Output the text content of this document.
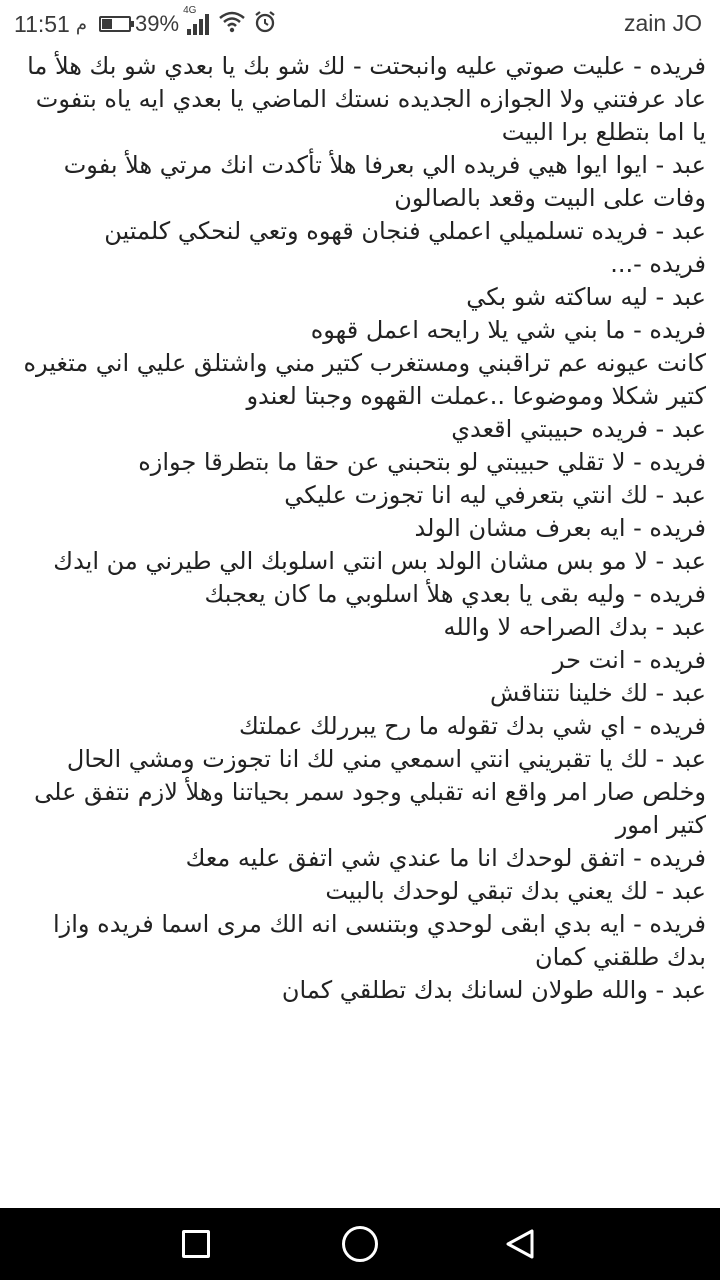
11:51 م 39%
4G	zain JO

فريده - عليت صوتي عليه وانبحتت - لك شو بك يا بعدي شو بك هلأ ما عاد عرفتني ولا الجوازه الجديده نستك الماضي يا بعدي ايه ياه بتفوت يا اما بتطلع برا البيت

عبد - ايوا ايوا هيي فريده الي بعرفا هلأ تأكدت انك مرتي هلأ بفوت

وفات على البيت وقعد بالصالون

عبد - فريده تسلميلي اعملي فنجان قهوه وتعي لنحكي كلمتين

فريده -...

عبد - ليه ساكته شو بكي

فريده - ما بني شي يلا رايحه اعمل قهوه

كانت عيونه عم تراقبني ومستغرب كتير مني واشتلق عليي اني متغيره كتير شكلا وموضوعا ..عملت القهوه وجبتا لعندو

عبد - فريده حبيبتي اقعدي

فريده - لا تقلي حبيبتي لو بتحبني عن حقا ما بتطرقا جوازه

عبد - لك انتي بتعرفي ليه انا تجوزت عليكي

فريده - ايه بعرف مشان الولد

عبد - لا مو بس مشان الولد بس انتي اسلوبك الي طيرني من ايدك

فريده - وليه بقى يا بعدي هلأ اسلوبي ما كان يعجبك

عبد - بدك الصراحه لا والله

فريده - انت حر

عبد - لك خلينا نتناقش

فريده - اي شي بدك تقوله ما رح يبررلك عملتك

عبد - لك يا تقبريني انتي اسمعي مني لك انا تجوزت ومشي الحال وخلص صار امر واقع انه تقبلي وجود سمر بحياتنا وهلأ لازم نتفق على كتير امور

فريده - اتفق لوحدك انا ما عندي شي اتفق عليه معك

عبد - لك يعني بدك تبقي لوحدك بالبيت

فريده - ايه بدي ابقى لوحدي وبتنسى انه الك مرى اسما فريده وازا بدك طلقني كمان

عبد - والله طولان لسانك بدك تطلقي كمان
